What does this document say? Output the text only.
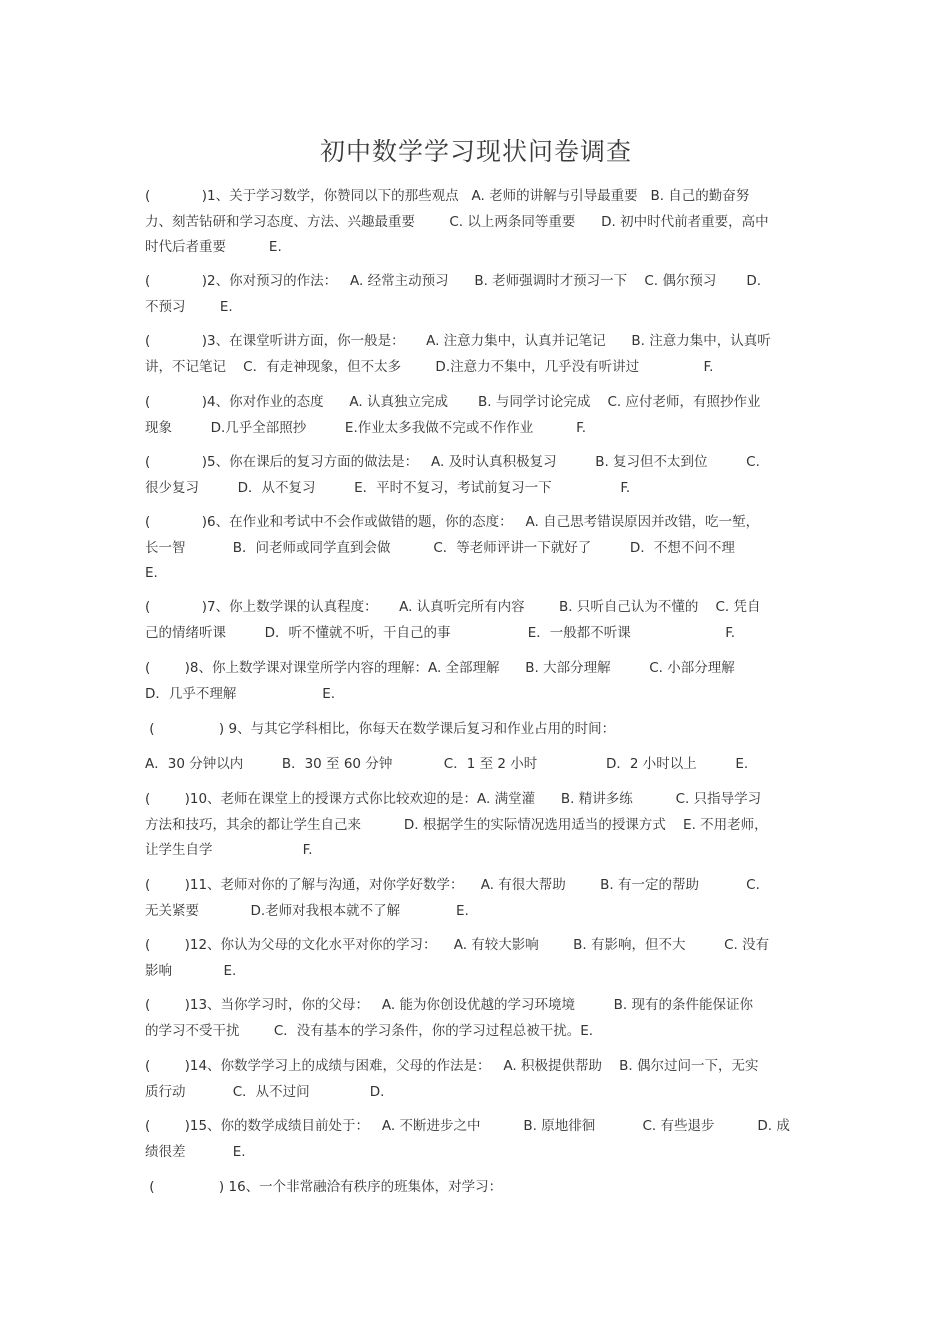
初中数学学习现状问卷调查
(            )1、关于学习数学，你赞同以下的那些观点   A. 老师的讲解与引导最重要   B. 自己的勤奋努
力、刻苦钻研和学习态度、方法、兴趣最重要        C. 以上两条同等重要      D. 初中时代前者重要，高中
时代后者重要          E.
(            )2、你对预习的作法：   A. 经常主动预习      B. 老师强调时才预习一下    C. 偶尔预习       D.
不预习        E.
(            )3、在课堂听讲方面，你一般是：     A. 注意力集中，认真并记笔记      B. 注意力集中，认真听
讲，不记笔记    C．有走神现象，但不太多        D.注意力不集中，几乎没有听讲过               F.
(            )4、你对作业的态度      A. 认真独立完成       B. 与同学讨论完成    C. 应付老师，有照抄作业
现象         D.几乎全部照抄         E.作业太多我做不完或不作作业          F.
(            )5、你在课后的复习方面的做法是：   A. 及时认真积极复习         B. 复习但不太到位         C.
很少复习         D．从不复习         E．平时不复习，考试前复习一下                F.
(            )6、在作业和考试中不会作或做错的题，你的态度：   A. 自己思考错误原因并改错，吃一堑，
长一智           B．问老师或同学直到会做          C．等老师评讲一下就好了         D．不想不问不理
E.
(            )7、你上数学课的认真程度：     A. 认真听完所有内容        B. 只听自己认为不懂的    C. 凭自
己的情绪听课         D．听不懂就不听，干自己的事                  E．一般都不听课                      F.
(        )8、你上数学课对课堂所学内容的理解：A. 全部理解      B. 大部分理解         C. 小部分理解
D．几乎不理解                    E.
(               ) 9、与其它学科相比，你每天在数学课后复习和作业占用的时间：
A．30 分钟以内         B．30 至 60 分钟            C．1 至 2 小时                D．2 小时以上         E.
(        )10、老师在课堂上的授课方式你比较欢迎的是：A. 满堂灌      B. 精讲多练          C. 只指导学习
方法和技巧，其余的都让学生自己来          D. 根据学生的实际情况选用适当的授课方式    E. 不用老师，
让学生自学                     F.
(        )11、老师对你的了解与沟通，对你学好数学：    A. 有很大帮助        B. 有一定的帮助           C.
无关紧要            D.老师对我根本就不了解             E.
(        )12、你认为父母的文化水平对你的学习：    A. 有较大影响        B. 有影响，但不大         C. 没有
影响            E.
(        )13、当你学习时，你的父母：   A. 能为你创设优越的学习环境境         B. 现有的条件能保证你
的学习不受干扰        C．没有基本的学习条件，你的学习过程总被干扰。E.
(        )14、你数学学习上的成绩与困难，父母的作法是：   A. 积极提供帮助    B. 偶尔过问一下，无实
质行动           C．从不过问              D.
(        )15、你的数学成绩目前处于：   A. 不断进步之中          B. 原地徘徊           C. 有些退步          D. 成
绩很差           E.
(               ) 16、一个非常融洽有秩序的班集体，对学习：
